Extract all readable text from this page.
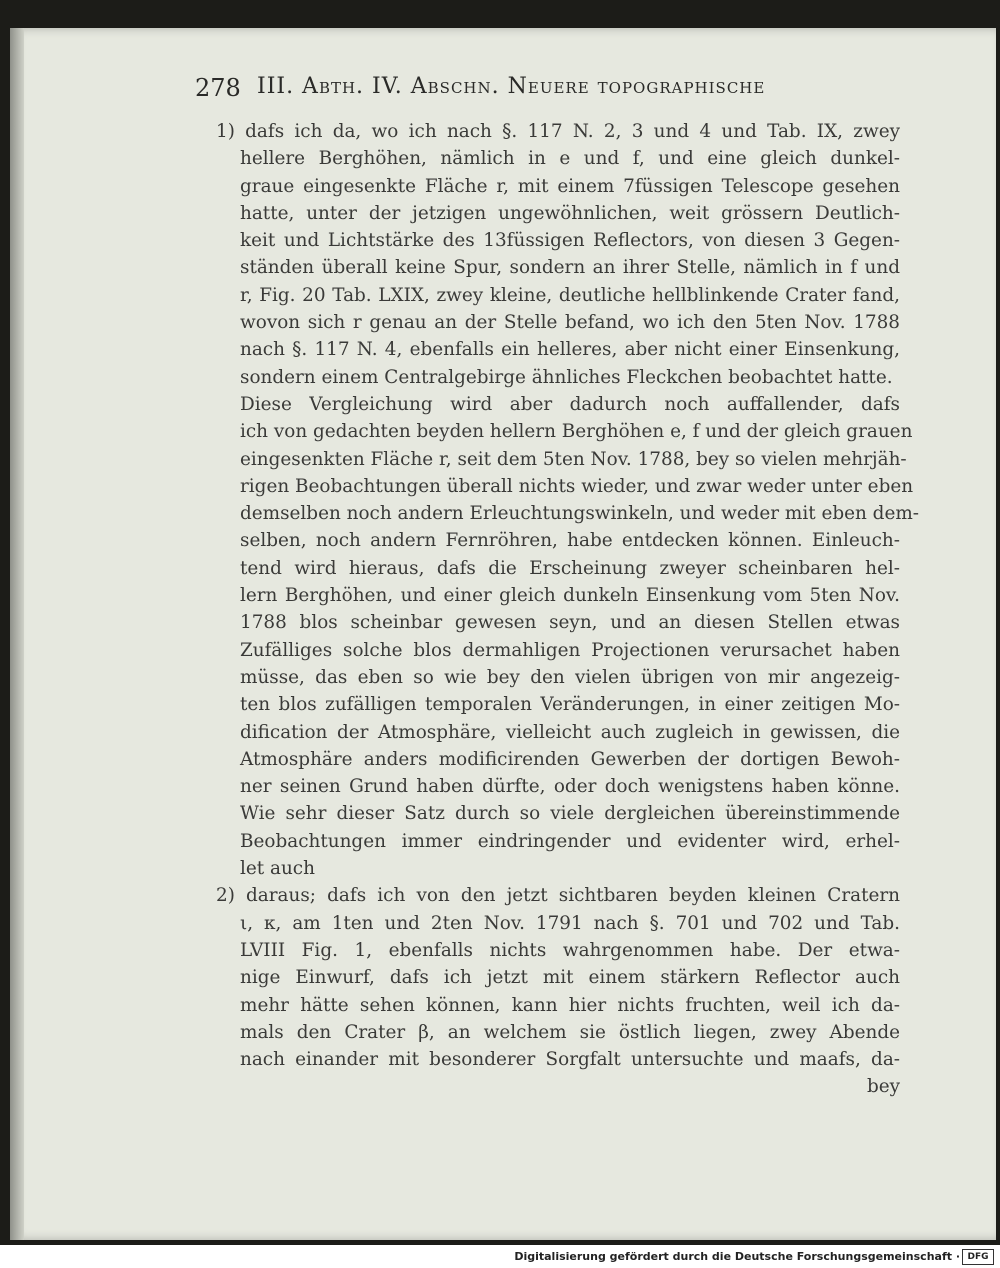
278 III. Abth. IV. Abschn. Neuere topographische
1) dafs ich da, wo ich nach §. 117 N. 2, 3 und 4 und Tab. IX, zwey
hellere Berghöhen, nämlich in e und f, und eine gleich dunkel-
graue eingesenkte Fläche r, mit einem 7füssigen Telescope gesehen
hatte, unter der jetzigen ungewöhnlichen, weit grössern Deutlich-
keit und Lichtstärke des 13füssigen Reflectors, von diesen 3 Gegen-
ständen überall keine Spur, sondern an ihrer Stelle, nämlich in f und
r, Fig. 20 Tab. LXIX, zwey kleine, deutliche hellblinkende Crater fand,
wovon sich r genau an der Stelle befand, wo ich den 5ten Nov. 1788
nach §. 117 N. 4, ebenfalls ein helleres, aber nicht einer Einsenkung,
sondern einem Centralgebirge ähnliches Fleckchen beobachtet hatte.
Diese Vergleichung wird aber dadurch noch auffallender, dafs
ich von gedachten beyden hellern Berghöhen e, f und der gleich grauen
eingesenkten Fläche r, seit dem 5ten Nov. 1788, bey so vielen mehrjäh-
rigen Beobachtungen überall nichts wieder, und zwar weder unter eben
demselben noch andern Erleuchtungswinkeln, und weder mit eben dem-
selben, noch andern Fernröhren, habe entdecken können. Einleuch-
tend wird hieraus, dafs die Erscheinung zweyer scheinbaren hel-
lern Berghöhen, und einer gleich dunkeln Einsenkung vom 5ten Nov.
1788 blos scheinbar gewesen seyn, und an diesen Stellen etwas
Zufälliges solche blos dermahligen Projectionen verursachet haben
müsse, das eben so wie bey den vielen übrigen von mir angezeig-
ten blos zufälligen temporalen Veränderungen, in einer zeitigen Mo-
dification der Atmosphäre, vielleicht auch zugleich in gewissen, die
Atmosphäre anders modificirenden Gewerben der dortigen Bewoh-
ner seinen Grund haben dürfte, oder doch wenigstens haben könne.
Wie sehr dieser Satz durch so viele dergleichen übereinstimmende
Beobachtungen immer eindringender und evidenter wird, erhel-
let auch
2) daraus; dafs ich von den jetzt sichtbaren beyden kleinen Cratern
ι, κ, am 1ten und 2ten Nov. 1791 nach §. 701 und 702 und Tab.
LVIII Fig. 1, ebenfalls nichts wahrgenommen habe. Der etwa-
nige Einwurf, dafs ich jetzt mit einem stärkern Reflector auch
mehr hätte sehen können, kann hier nichts fruchten, weil ich da-
mals den Crater β, an welchem sie östlich liegen, zwey Abende
nach einander mit besonderer Sorgfalt untersuchte und maafs, da-
bey
Digitalisierung gefördert durch die Deutsche Forschungsgemeinschaft · DFG
